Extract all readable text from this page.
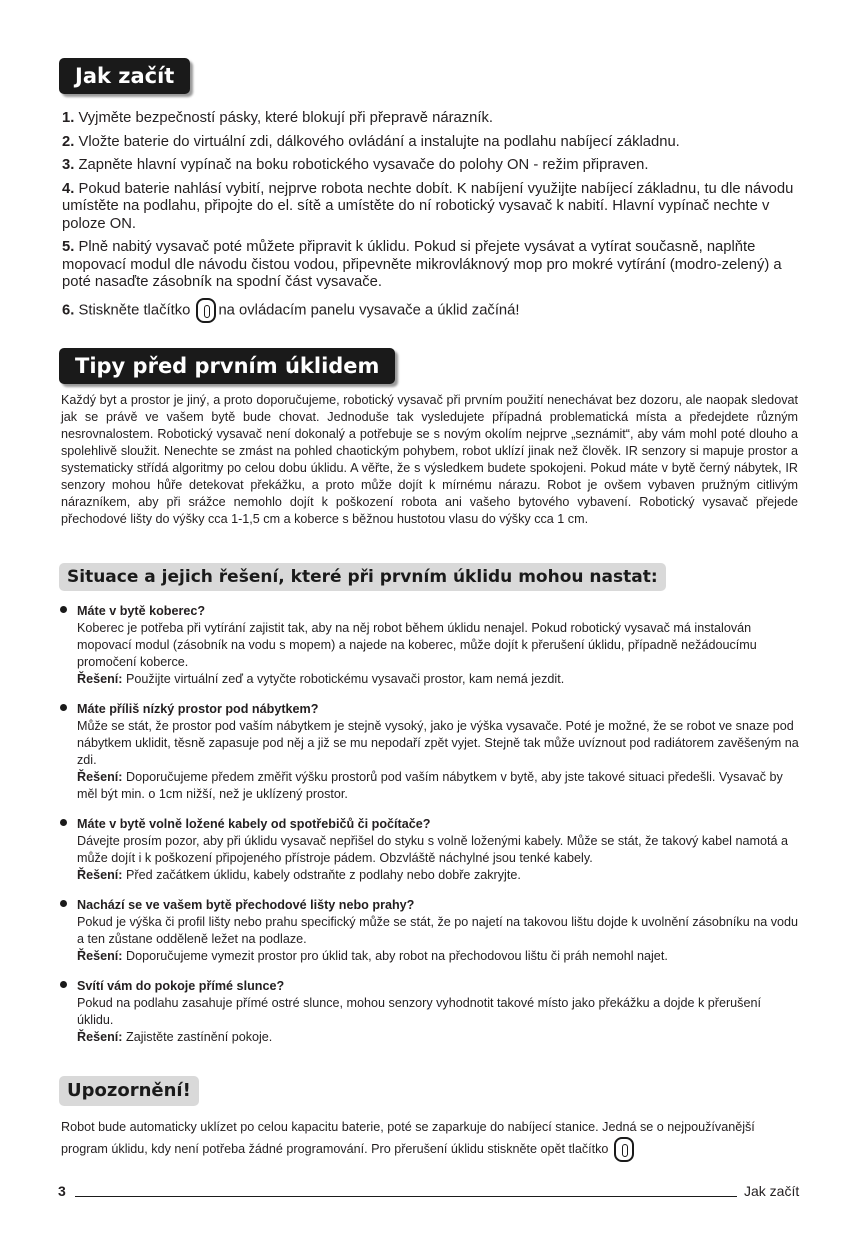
Jak začít
1. Vyjměte bezpečností pásky, které blokují při přepravě nárazník.
2. Vložte baterie do virtuální zdi, dálkového ovládání a instalujte na podlahu nabíjecí základnu.
3. Zapněte hlavní vypínač na boku robotického vysavače do polohy ON - režim připraven.
4. Pokud baterie nahlásí vybití, nejprve robota nechte dobít. K nabíjení využijte nabíjecí základnu, tu dle návodu umístěte na podlahu, připojte do el. sítě a umístěte do ní robotický vysavač k nabití. Hlavní vypínač nechte v poloze ON.
5. Plně nabitý vysavač poté můžete připravit k úklidu. Pokud si přejete vysávat a vytírat současně, naplňte mopovací modul dle návodu čistou vodou, připevněte mikrovláknový mop pro mokré vytírání (modro-zelený) a poté nasaďte zásobník na spodní část vysavače.
6. Stiskněte tlačítko na ovládacím panelu vysavače a úklid začíná!
Tipy před prvním úklidem
Každý byt a prostor je jiný, a proto doporučujeme, robotický vysavač při prvním použití nenechávat bez dozoru, ale naopak sledovat jak se právě ve vašem bytě bude chovat. Jednoduše tak vysledujete případná problematická místa a předejdete různým nesrovnalostem. Robotický vysavač není dokonalý a potřebuje se s novým okolím nejprve „seznámit“, aby vám mohl poté dlouho a spolehlivě sloužit. Nenechte se zmást na pohled chaotickým pohybem, robot uklízí jinak než člověk. IR senzory si mapuje prostor a systematicky střídá algoritmy po celou dobu úklidu. A věřte, že s výsledkem budete spokojeni. Pokud máte v bytě černý nábytek, IR senzory mohou hůře detekovat překážku, a proto může dojít k mírnému nárazu. Robot je ovšem vybaven pružným citlivým nárazníkem, aby při srážce nemohlo dojít k poškození robota ani vašeho bytového vybavení. Robotický vysavač přejede přechodové lišty do výšky cca 1-1,5 cm a koberce s běžnou hustotou vlasu do výšky cca 1 cm.
Situace a jejich řešení, které při prvním úklidu mohou nastat:
Máte v bytě koberec?
Koberec je potřeba při vytírání zajistit tak, aby na něj robot během úklidu nenajel. Pokud robotický vysavač má instalován mopovací modul (zásobník na vodu s mopem) a najede na koberec, může dojít k přerušení úklidu, případně nežádoucímu promočení koberce.
Řešení: Použijte virtuální zeď a vytyčte robotickému vysavači prostor, kam nemá jezdit.
Máte příliš nízký prostor pod nábytkem?
Může se stát, že prostor pod vaším nábytkem je stejně vysoký, jako je výška vysavače. Poté je možné, že se robot ve snaze pod nábytkem uklidit, těsně zapasuje pod něj a již se mu nepodaří zpět vyjet. Stejně tak může uvíznout pod radiátorem zavěšeným na zdi.
Řešení: Doporučujeme předem změřit výšku prostorů pod vaším nábytkem v bytě, aby jste takové situaci předešli. Vysavač by měl být min. o 1cm nižší, než je uklízený prostor.
Máte v bytě volně ložené kabely od spotřebičů či počítače?
Dávejte prosím pozor, aby při úklidu vysavač nepřišel do styku s volně loženými kabely. Může se stát, že takový kabel namotá a může dojít i k poškození připojeného přístroje pádem. Obzvláště náchylné jsou tenké kabely.
Řešení: Před začátkem úklidu, kabely odstraňte z podlahy nebo dobře zakryjte.
Nachází se ve vašem bytě přechodové lišty nebo prahy?
Pokud je výška či profil lišty nebo prahu specifický může se stát, že po najetí na takovou lištu dojde k uvolnění zásobníku na vodu a ten zůstane odděleně ležet na podlaze.
Řešení: Doporučujeme vymezit prostor pro úklid tak, aby robot na přechodovou lištu či práh nemohl najet.
Svítí vám do pokoje přímé slunce?
Pokud na podlahu zasahuje přímé ostré slunce, mohou senzory vyhodnotit takové místo jako překážku a dojde k přerušení úklidu.
Řešení: Zajistěte zastínění pokoje.
Upozornění!
Robot bude automaticky uklízet po celou kapacitu baterie, poté se zaparkuje do nabíjecí stanice. Jedná se o nejpoužívanější program úklidu, kdy není potřeba žádné programování. Pro přerušení úklidu stiskněte opět tlačítko
3	Jak začít
